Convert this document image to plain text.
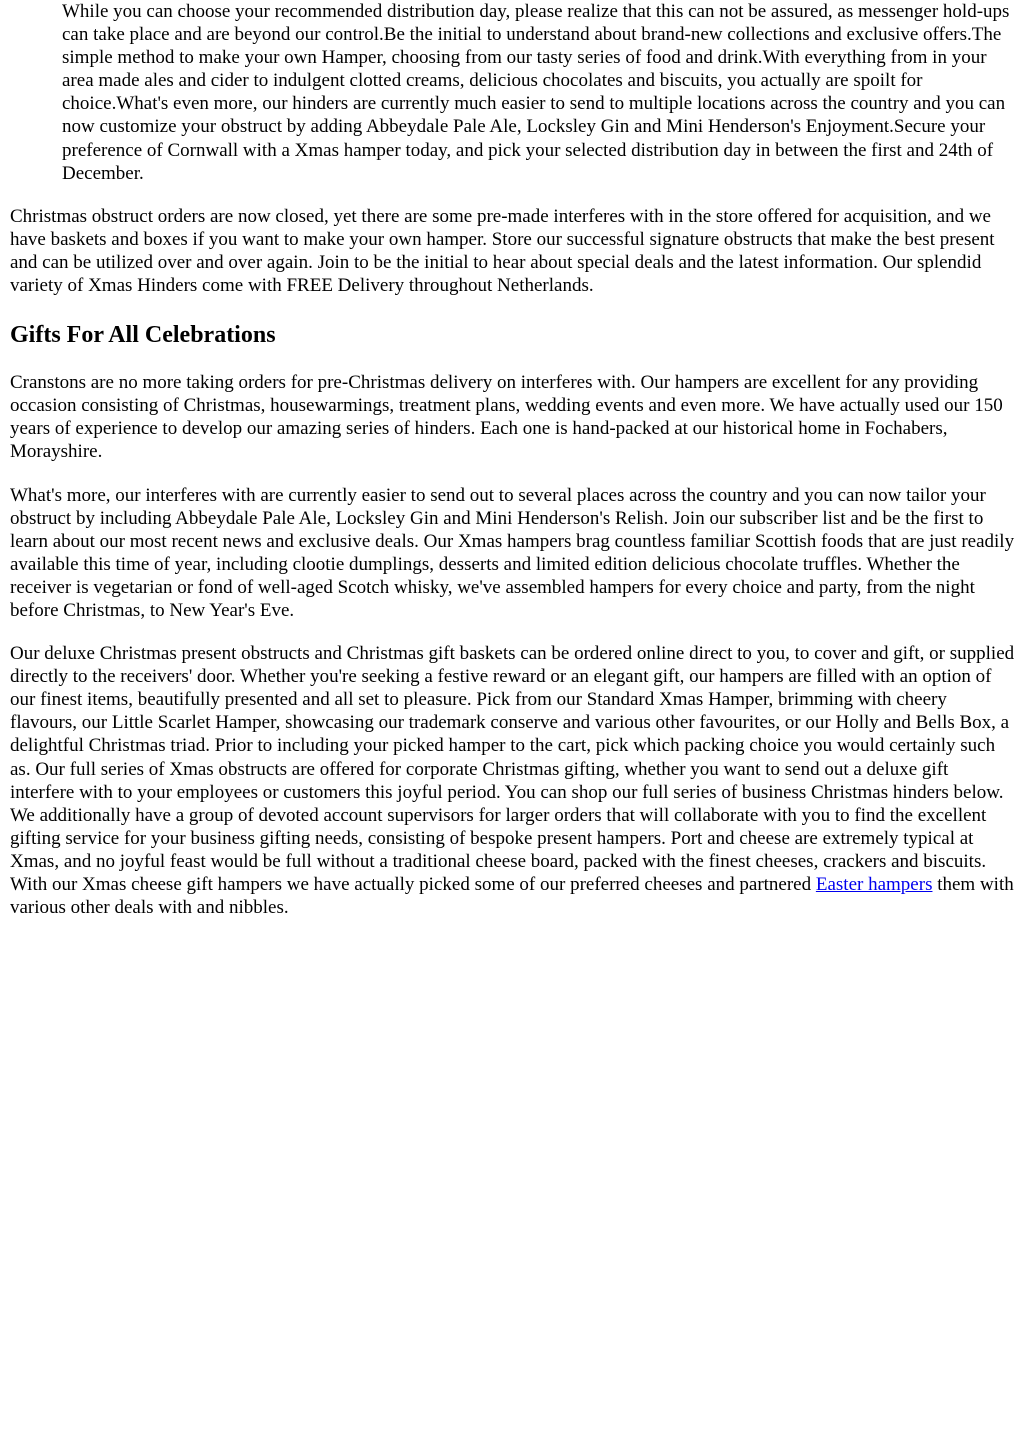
While you can choose your recommended distribution day, please realize that this can not be assured, as messenger hold-ups can take place and are beyond our control.Be the initial to understand about brand-new collections and exclusive offers.The simple method to make your own Hamper, choosing from our tasty series of food and drink.With everything from in your area made ales and cider to indulgent clotted creams, delicious chocolates and biscuits, you actually are spoilt for choice.What's even more, our hinders are currently much easier to send to multiple locations across the country and you can now customize your obstruct by adding Abbeydale Pale Ale, Locksley Gin and Mini Henderson's Enjoyment.Secure your preference of Cornwall with a Xmas hamper today, and pick your selected distribution day in between the first and 24th of December.

Christmas obstruct orders are now closed, yet there are some pre-made interferes with in the store offered for acquisition, and we have baskets and boxes if you want to make your own hamper. Store our successful signature obstructs that make the best present and can be utilized over and over again. Join to be the initial to hear about special deals and the latest information. Our splendid variety of Xmas Hinders come with FREE Delivery throughout Netherlands.

Gifts For All Celebrations

Cranstons are no more taking orders for pre-Christmas delivery on interferes with. Our hampers are excellent for any providing occasion consisting of Christmas, housewarmings, treatment plans, wedding events and even more. We have actually used our 150 years of experience to develop our amazing series of hinders. Each one is hand-packed at our historical home in Fochabers, Morayshire.

What's more, our interferes with are currently easier to send out to several places across the country and you can now tailor your obstruct by including Abbeydale Pale Ale, Locksley Gin and Mini Henderson's Relish. Join our subscriber list and be the first to learn about our most recent news and exclusive deals. Our Xmas hampers brag countless familiar Scottish foods that are just readily available this time of year, including clootie dumplings, desserts and limited edition delicious chocolate truffles. Whether the receiver is vegetarian or fond of well-aged Scotch whisky, we've assembled hampers for every choice and party, from the night before Christmas, to New Year's Eve.

Our deluxe Christmas present obstructs and Christmas gift baskets can be ordered online direct to you, to cover and gift, or supplied directly to the receivers' door. Whether you're seeking a festive reward or an elegant gift, our hampers are filled with an option of our finest items, beautifully presented and all set to pleasure. Pick from our Standard Xmas Hamper, brimming with cheery flavours, our Little Scarlet Hamper, showcasing our trademark conserve and various other favourites, or our Holly and Bells Box, a delightful Christmas triad. Prior to including your picked hamper to the cart, pick which packing choice you would certainly such as. Our full series of Xmas obstructs are offered for corporate Christmas gifting, whether you want to send out a deluxe gift interfere with to your employees or customers this joyful period. You can shop our full series of business Christmas hinders below. We additionally have a group of devoted account supervisors for larger orders that will collaborate with you to find the excellent gifting service for your business gifting needs, consisting of bespoke present hampers. Port and cheese are extremely typical at Xmas, and no joyful feast would be full without a traditional cheese board, packed with the finest cheeses, crackers and biscuits. With our Xmas cheese gift hampers we have actually picked some of our preferred cheeses and partnered Easter hampers them with various other deals with and nibbles.
